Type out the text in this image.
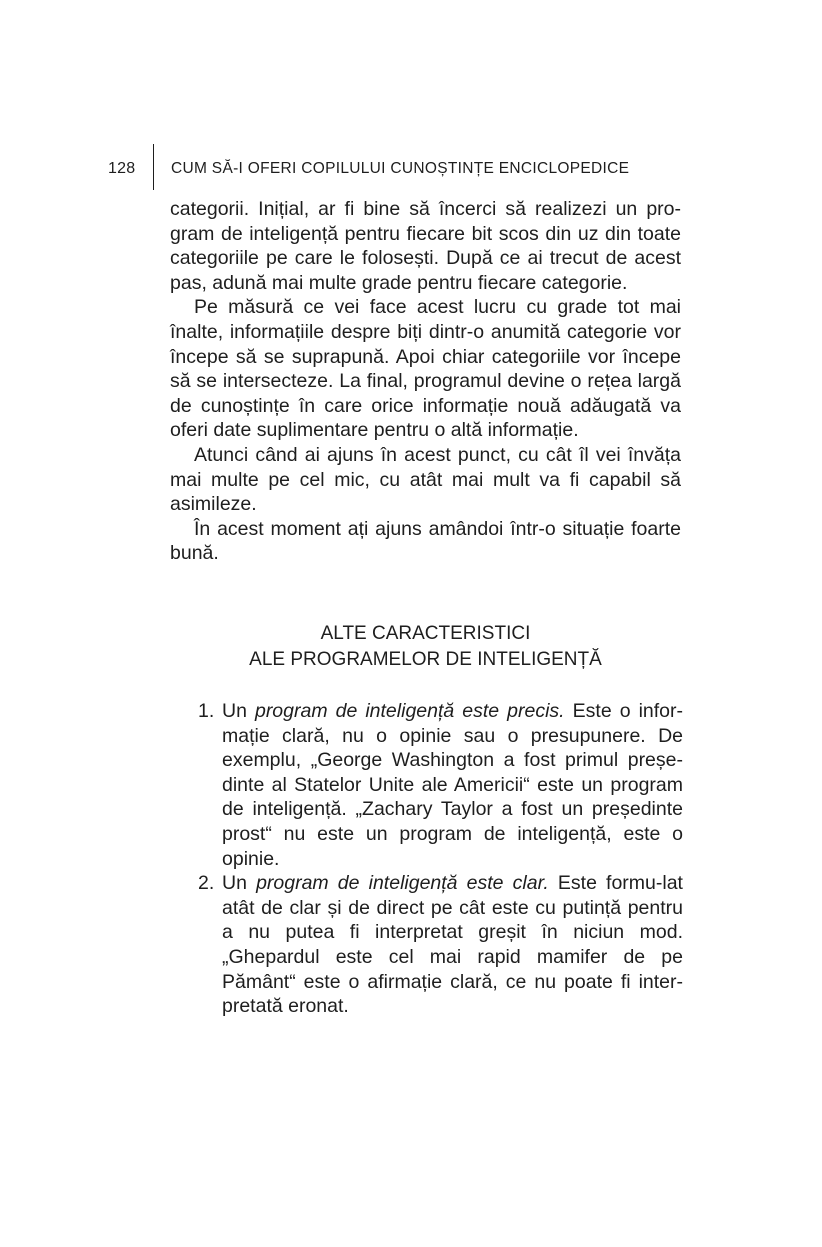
128 CUM SĂ-I OFERI COPILULUI CUNOȘTINȚE ENCICLOPEDICE

categorii. Inițial, ar fi bine să încerci să realizezi un pro-gram de inteligență pentru fiecare bit scos din uz din toate categoriile pe care le folosești. După ce ai trecut de acest pas, adună mai multe grade pentru fiecare categorie.

Pe măsură ce vei face acest lucru cu grade tot mai înalte, informațiile despre biți dintr-o anumită categorie vor începe să se suprapună. Apoi chiar categoriile vor începe să se intersecteze. La final, programul devine o rețea largă de cunoștințe în care orice informație nouă adăugată va oferi date suplimentare pentru o altă informație.

Atunci când ai ajuns în acest punct, cu cât îl vei învăța mai multe pe cel mic, cu atât mai mult va fi capabil să asimileze.

În acest moment ați ajuns amândoi într-o situație foarte bună.

ALTE CARACTERISTICI
ALE PROGRAMELOR DE INTELIGENȚĂ
1. Un program de inteligență este precis. Este o infor-mație clară, nu o opinie sau o presupunere. De exemplu, „George Washington a fost primul preșe-dinte al Statelor Unite ale Americii“ este un program de inteligență. „Zachary Taylor a fost un președinte prost“ nu este un program de inteligență, este o opinie.
2. Un program de inteligență este clar. Este formu-lat atât de clar și de direct pe cât este cu putință pentru a nu putea fi interpretat greșit în niciun mod. „Ghepardul este cel mai rapid mamifer de pe Pământ“ este o afirmație clară, ce nu poate fi inter-pretată eronat.
